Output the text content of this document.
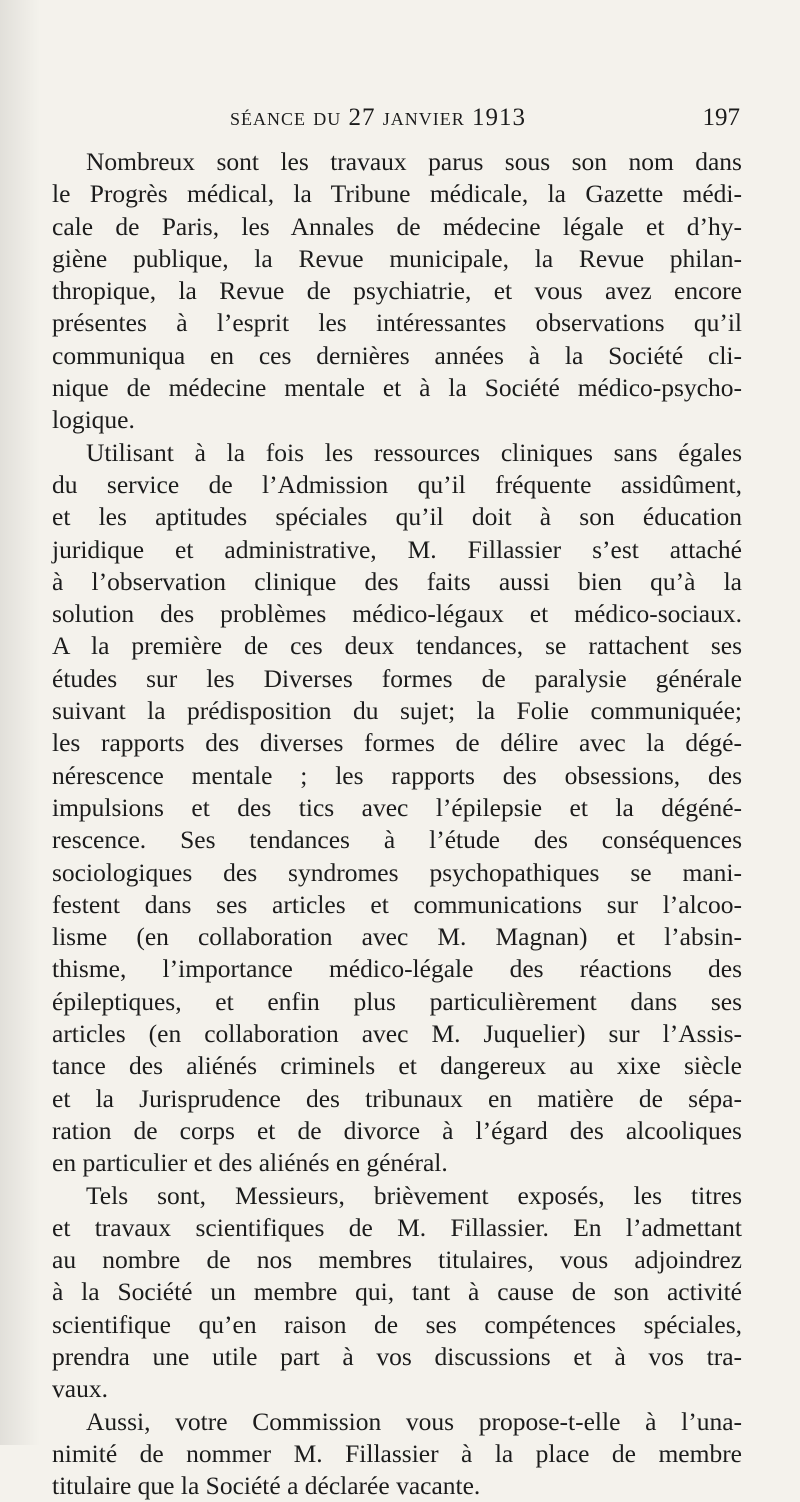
séance du 27 janvier 1913	197
Nombreux sont les travaux parus sous son nom dans
le Progrès médical, la Tribune médicale, la Gazette médi-
cale de Paris, les Annales de médecine légale et d’hy-
giène publique, la Revue municipale, la Revue philan-
thropique, la Revue de psychiatrie, et vous avez encore
présentes à l’esprit les intéressantes observations qu’il
communiqua en ces dernières années à la Société cli-
nique de médecine mentale et à la Société médico-psycho-
logique.
Utilisant à la fois les ressources cliniques sans égales
du service de l’Admission qu’il fréquente assidûment,
et les aptitudes spéciales qu’il doit à son éducation
juridique et administrative, M. Fillassier s’est attaché
à l’observation clinique des faits aussi bien qu’à la
solution des problèmes médico-légaux et médico-sociaux.
A la première de ces deux tendances, se rattachent ses
études sur les Diverses formes de paralysie générale
suivant la prédisposition du sujet; la Folie communiquée;
les rapports des diverses formes de délire avec la dégé-
nérescence mentale ; les rapports des obsessions, des
impulsions et des tics avec l’épilepsie et la dégéné-
rescence. Ses tendances à l’étude des conséquences
sociologiques des syndromes psychopathiques se mani-
festent dans ses articles et communications sur l’alcoo-
lisme (en collaboration avec M. Magnan) et l’absin-
thisme, l’importance médico-légale des réactions des
épileptiques, et enfin plus particulièrement dans ses
articles (en collaboration avec M. Juquelier) sur l’Assis-
tance des aliénés criminels et dangereux au xixe siècle
et la Jurisprudence des tribunaux en matière de sépa-
ration de corps et de divorce à l’égard des alcooliques
en particulier et des aliénés en général.
Tels sont, Messieurs, brièvement exposés, les titres
et travaux scientifiques de M. Fillassier. En l’admettant
au nombre de nos membres titulaires, vous adjoindrez
à la Société un membre qui, tant à cause de son activité
scientifique qu’en raison de ses compétences spéciales,
prendra une utile part à vos discussions et à vos tra-
vaux.
Aussi, votre Commission vous propose-t-elle à l’una-
nimité de nommer M. Fillassier à la place de membre
titulaire que la Société a déclarée vacante.
